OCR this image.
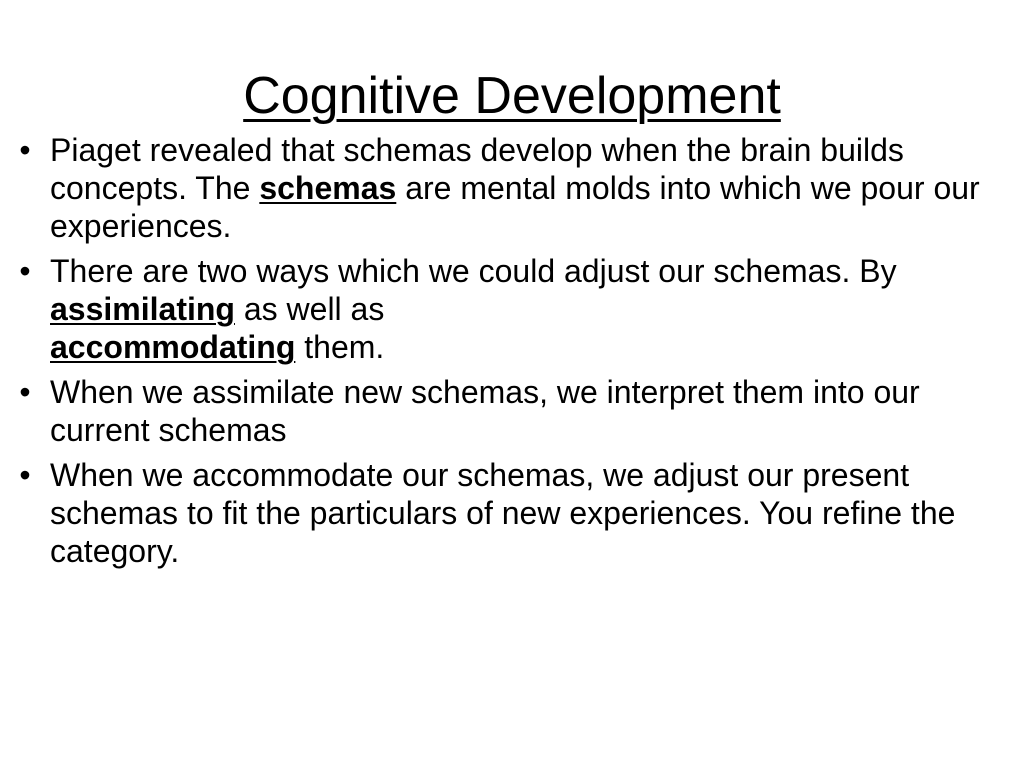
Cognitive Development
• Piaget revealed that schemas develop when the brain builds concepts. The schemas are mental molds into which we pour our experiences.
• There are two ways which we could adjust our schemas. By assimilating as well as
accommodating them.
• When we assimilate new schemas, we interpret them into our current schemas
• When we accommodate our schemas, we adjust our present schemas to fit the particulars of new experiences. You refine the category.
